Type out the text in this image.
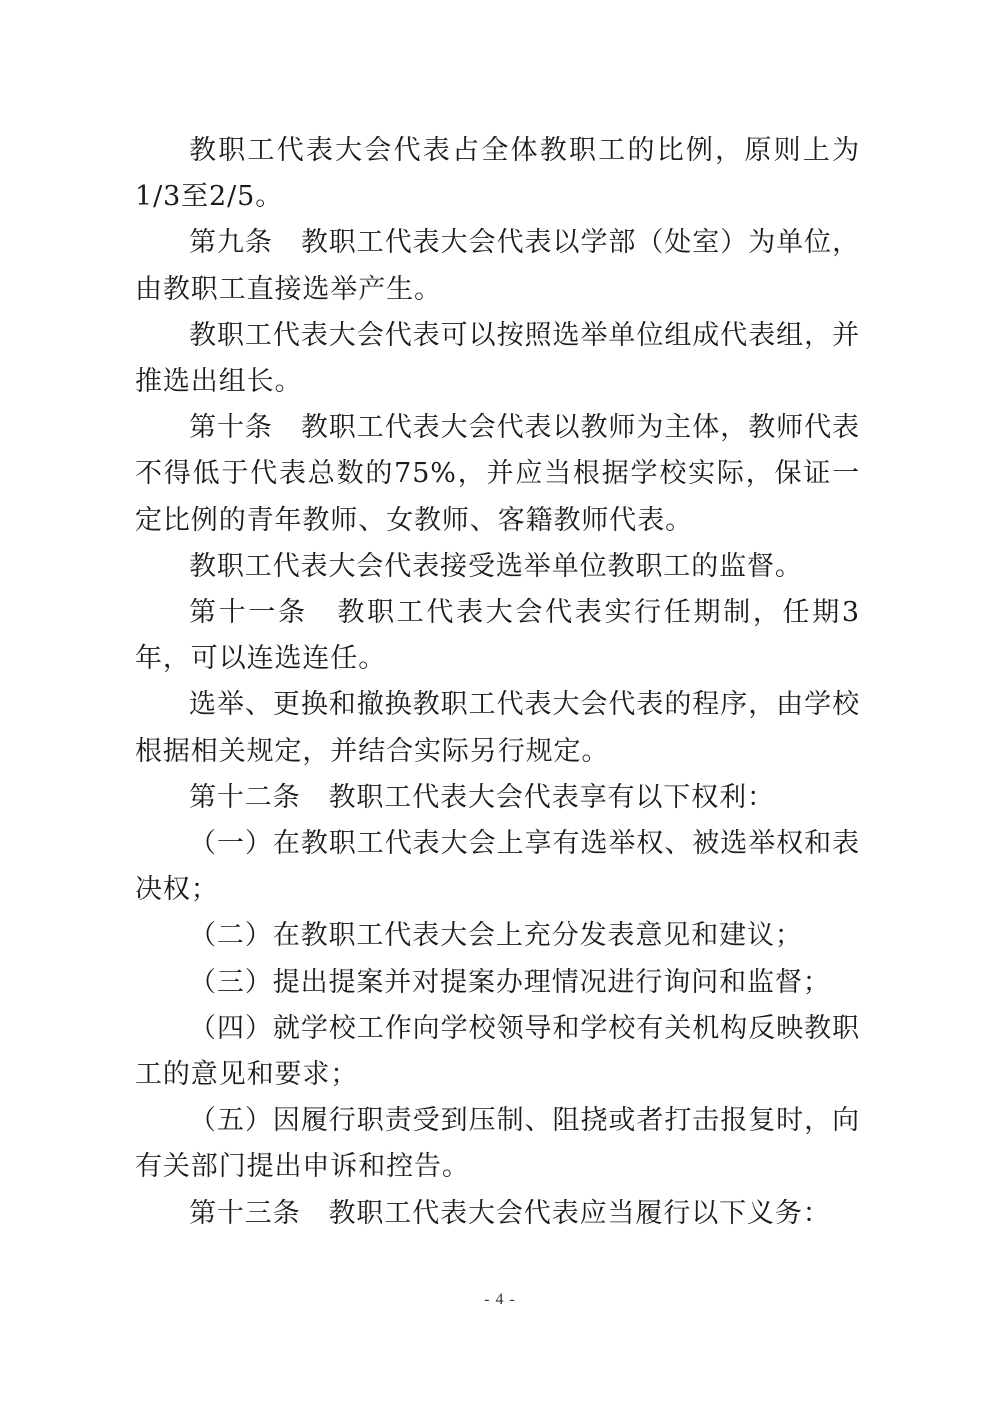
教职工代表大会代表占全体教职工的比例，原则上为1/3至2/5。

第九条　教职工代表大会代表以学部（处室）为单位，由教职工直接选举产生。

教职工代表大会代表可以按照选举单位组成代表组，并推选出组长。

第十条　教职工代表大会代表以教师为主体，教师代表不得低于代表总数的75%，并应当根据学校实际，保证一定比例的青年教师、女教师、客籍教师代表。

教职工代表大会代表接受选举单位教职工的监督。

第十一条　教职工代表大会代表实行任期制，任期3年，可以连选连任。

选举、更换和撤换教职工代表大会代表的程序，由学校根据相关规定，并结合实际另行规定。

第十二条　教职工代表大会代表享有以下权利：

（一）在教职工代表大会上享有选举权、被选举权和表决权；

（二）在教职工代表大会上充分发表意见和建议；

（三）提出提案并对提案办理情况进行询问和监督；

（四）就学校工作向学校领导和学校有关机构反映教职工的意见和要求；

（五）因履行职责受到压制、阻挠或者打击报复时，向有关部门提出申诉和控告。

第十三条　教职工代表大会代表应当履行以下义务：

- 4 -
